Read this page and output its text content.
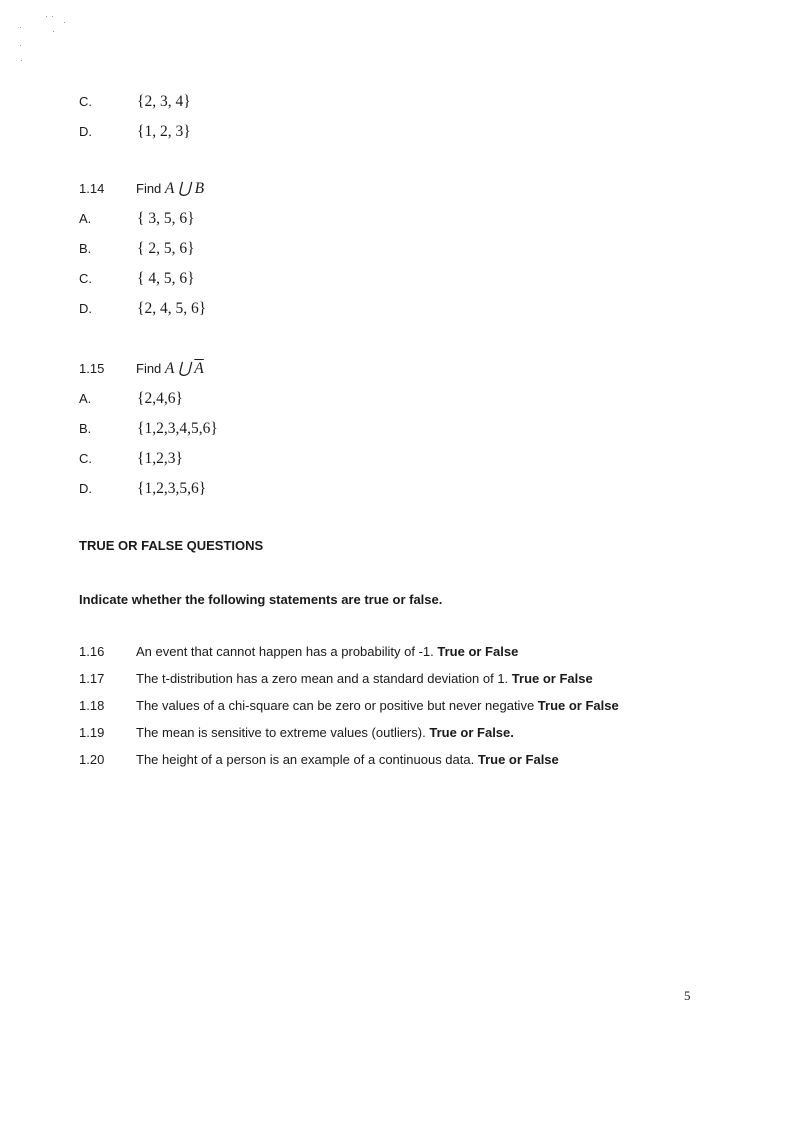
C.	{2, 3, 4}
D.	{1, 2, 3}
1.14 Find A ⋃ B
A.	{ 3, 5, 6}
B.	{ 2, 5, 6}
C.	{ 4, 5, 6}
D.	{2, 4, 5, 6}
1.15 Find A ⋃ $\overline{A}$
A.	{2,4,6}
B.	{1,2,3,4,5,6}
C.	{1,2,3}
D.	{1,2,3,5,6}
TRUE OR FALSE QUESTIONS
Indicate whether the following statements are true or false.
1.16 An event that cannot happen has a probability of -1. True or False
1.17 The t-distribution has a zero mean and a standard deviation of 1. True or False
1.18 The values of a chi-square can be zero or positive but never negative True or False
1.19 The mean is sensitive to extreme values (outliers). True or False.
1.20 The height of a person is an example of a continuous data. True or False
5
